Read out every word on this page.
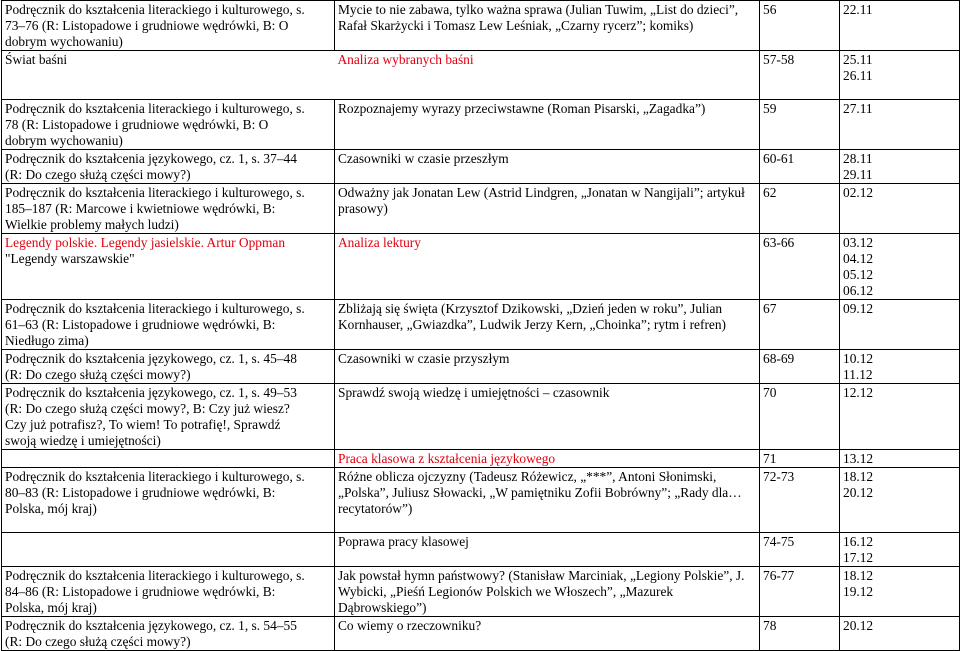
Podręcznik do kształcenia literackiego i kulturowego, s.
73–76 (R: Listopadowe i grudniowe wędrówki, B: O
dobrym wychowaniu)	Mycie to nie zabawa, tylko ważna sprawa (Julian Tuwim, „List do dzieci”,
Rafał Skarżycki i Tomasz Lew Leśniak, „Czarny rycerz”; komiks)	56	22.11

Świat baśni	Analiza wybranych baśni	57-58	25.11
26.11

Podręcznik do kształcenia literackiego i kulturowego, s.
78 (R: Listopadowe i grudniowe wędrówki, B: O
dobrym wychowaniu)	Rozpoznajemy wyrazy przeciwstawne (Roman Pisarski, „Zagadka”)	59	27.11

Podręcznik do kształcenia językowego, cz. 1, s. 37–44
(R: Do czego służą części mowy?)	Czasowniki w czasie przeszłym	60-61	28.11
29.11

Podręcznik do kształcenia literackiego i kulturowego, s.
185–187 (R: Marcowe i kwietniowe wędrówki, B:
Wielkie problemy małych ludzi)	Odważny jak Jonatan Lew (Astrid Lindgren, „Jonatan w Nangijali”; artykuł
prasowy)	62	02.12

Legendy polskie. Legendy jasielskie. Artur Oppman
"Legendy warszawskie"	Analiza lektury	63-66	03.12
04.12
05.12
06.12

Podręcznik do kształcenia literackiego i kulturowego, s.
61–63 (R: Listopadowe i grudniowe wędrówki, B:
Niedługo zima)	Zbliżają się święta (Krzysztof Dzikowski, „Dzień jeden w roku”, Julian
Kornhauser, „Gwiazdka”, Ludwik Jerzy Kern, „Choinka”; rytm i refren)	67	09.12

Podręcznik do kształcenia językowego, cz. 1, s. 45–48
(R: Do czego służą części mowy?)	Czasowniki w czasie przyszłym	68-69	10.12
11.12

Podręcznik do kształcenia językowego, cz. 1, s. 49–53
(R: Do czego służą części mowy?, B: Czy już wiesz?
Czy już potrafisz?, To wiem! To potrafię!, Sprawdź
swoją wiedzę i umiejętności)	Sprawdź swoją wiedzę i umiejętności – czasownik	70	12.12

	Praca klasowa z kształcenia językowego	71	13.12

Podręcznik do kształcenia literackiego i kulturowego, s.
80–83 (R: Listopadowe i grudniowe wędrówki, B:
Polska, mój kraj)	Różne oblicza ojczyzny (Tadeusz Różewicz, „***”, Antoni Słonimski,
„Polska”, Juliusz Słowacki, „W pamiętniku Zofii Bobrówny”; „Rady dla…
recytatorów”)	72-73	18.12
20.12

	Poprawa pracy klasowej	74-75	16.12
17.12

Podręcznik do kształcenia literackiego i kulturowego, s.
84–86 (R: Listopadowe i grudniowe wędrówki, B:
Polska, mój kraj)	Jak powstał hymn państwowy? (Stanisław Marciniak, „Legiony Polskie”, J.
Wybicki, „Pieśń Legionów Polskich we Włoszech”, „Mazurek
Dąbrowskiego”)	76-77	18.12
19.12

Podręcznik do kształcenia językowego, cz. 1, s. 54–55
(R: Do czego służą części mowy?)	Co wiemy o rzeczowniku?	78	20.12
